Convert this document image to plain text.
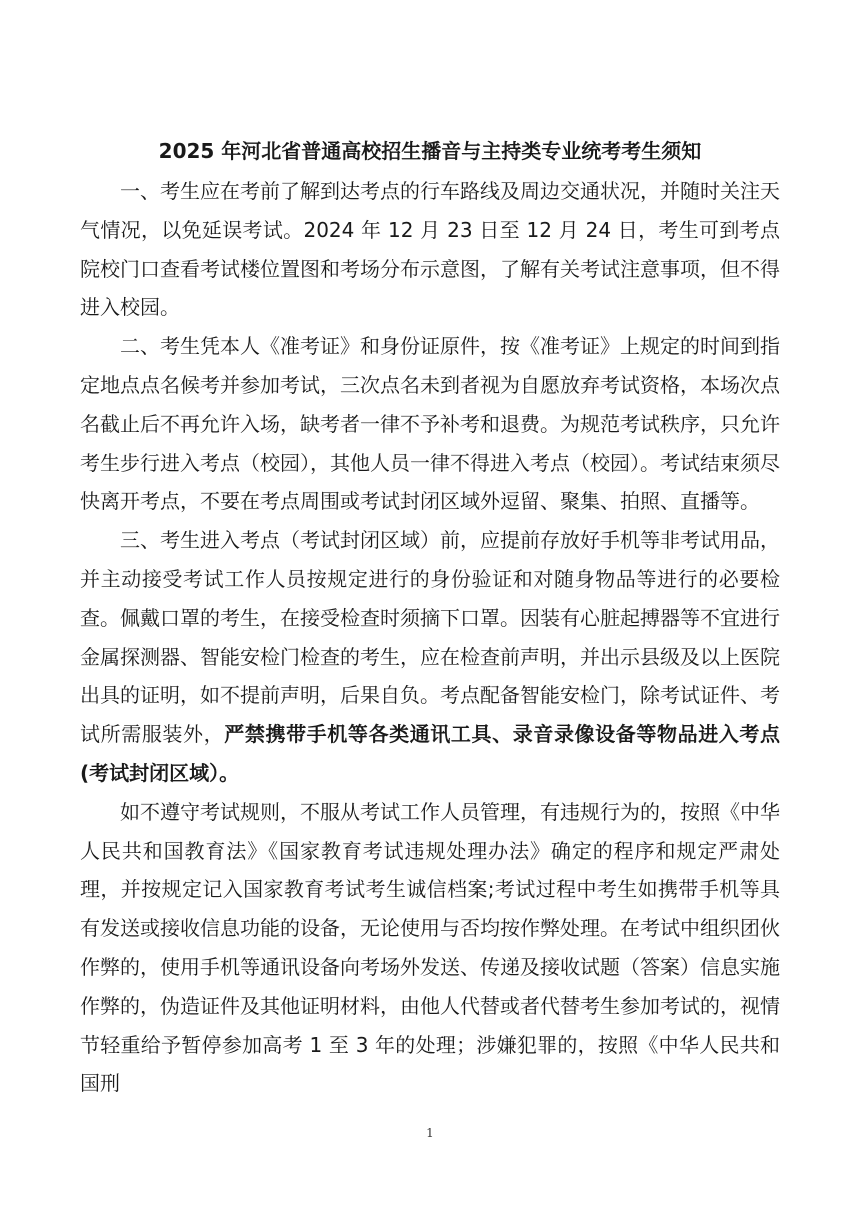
2025 年河北省普通高校招生播音与主持类专业统考考生须知

一、考生应在考前了解到达考点的行车路线及周边交通状况，并随时关注天气情况，以免延误考试。2024 年 12 月 23 日至 12 月 24 日，考生可到考点院校门口查看考试楼位置图和考场分布示意图，了解有关考试注意事项，但不得进入校园。

二、考生凭本人《准考证》和身份证原件，按《准考证》上规定的时间到指定地点点名候考并参加考试，三次点名未到者视为自愿放弃考试资格，本场次点名截止后不再允许入场，缺考者一律不予补考和退费。为规范考试秩序，只允许考生步行进入考点（校园），其他人员一律不得进入考点（校园）。考试结束须尽快离开考点，不要在考点周围或考试封闭区域外逗留、聚集、拍照、直播等。

三、考生进入考点（考试封闭区域）前，应提前存放好手机等非考试用品，并主动接受考试工作人员按规定进行的身份验证和对随身物品等进行的必要检查。佩戴口罩的考生，在接受检查时须摘下口罩。因装有心脏起搏器等不宜进行金属探测器、智能安检门检查的考生，应在检查前声明，并出示县级及以上医院出具的证明，如不提前声明，后果自负。考点配备智能安检门，除考试证件、考试所需服装外，严禁携带手机等各类通讯工具、录音录像设备等物品进入考点(考试封闭区域）。

如不遵守考试规则，不服从考试工作人员管理，有违规行为的，按照《中华人民共和国教育法》《国家教育考试违规处理办法》确定的程序和规定严肃处理，并按规定记入国家教育考试考生诚信档案;考试过程中考生如携带手机等具有发送或接收信息功能的设备，无论使用与否均按作弊处理。在考试中组织团伙作弊的，使用手机等通讯设备向考场外发送、传递及接收试题（答案）信息实施作弊的，伪造证件及其他证明材料，由他人代替或者代替考生参加考试的，视情节轻重给予暂停参加高考 1 至 3 年的处理；涉嫌犯罪的，按照《中华人民共和国刑

1
